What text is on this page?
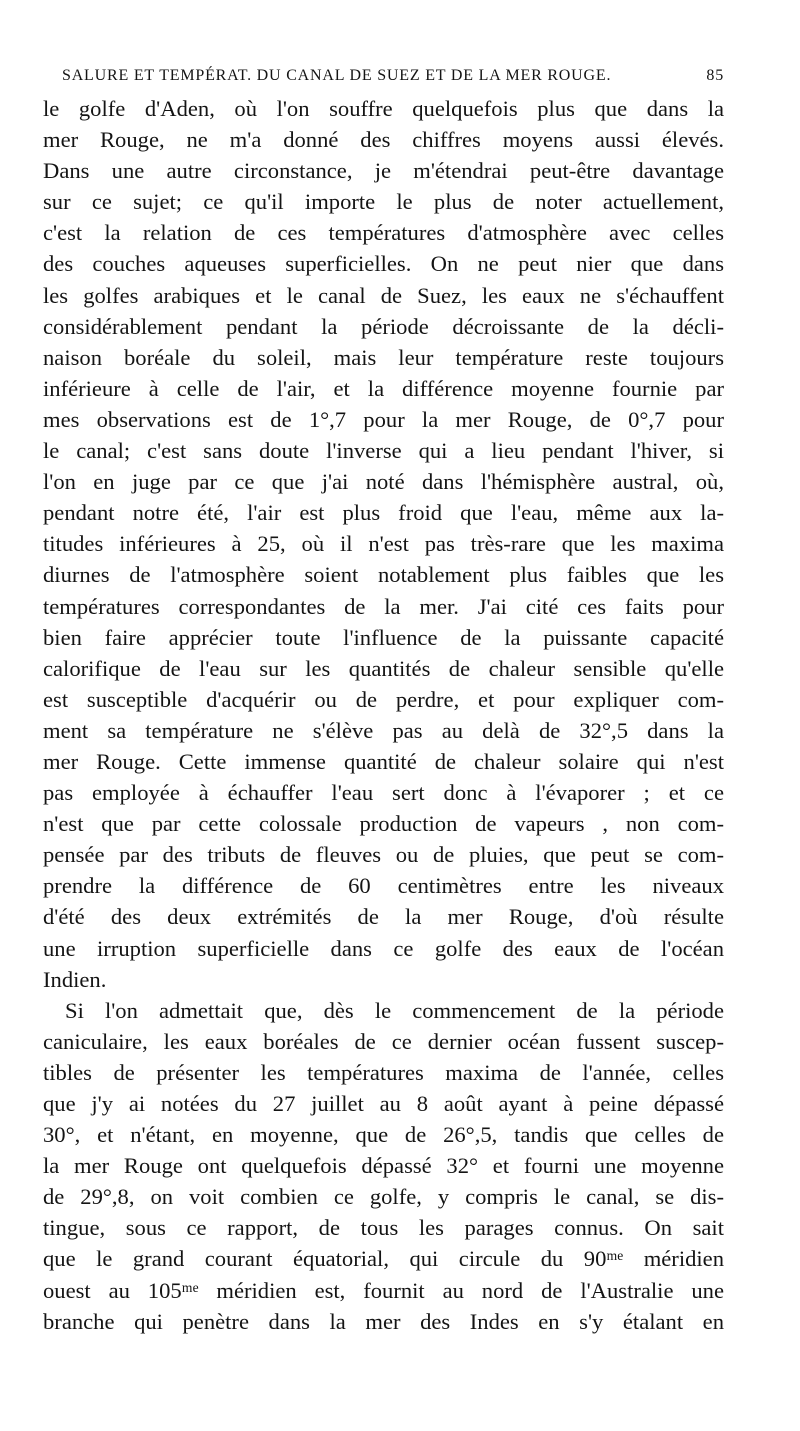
SALURE ET TEMPÉRAT. DU CANAL DE SUEZ ET DE LA MER ROUGE.	85
le golfe d'Aden, où l'on souffre quelquefois plus que dans la
mer Rouge, ne m'a donné des chiffres moyens aussi élevés.
Dans une autre circonstance, je m'étendrai peut-être davantage
sur ce sujet; ce qu'il importe le plus de noter actuellement,
c'est la relation de ces températures d'atmosphère avec celles
des couches aqueuses superficielles. On ne peut nier que dans
les golfes arabiques et le canal de Suez, les eaux ne s'échauffent
considérablement pendant la période décroissante de la décli-
naison boréale du soleil, mais leur température reste toujours
inférieure à celle de l'air, et la différence moyenne fournie par
mes observations est de 1°,7 pour la mer Rouge, de 0°,7 pour
le canal; c'est sans doute l'inverse qui a lieu pendant l'hiver, si
l'on en juge par ce que j'ai noté dans l'hémisphère austral, où,
pendant notre été, l'air est plus froid que l'eau, même aux la-
titudes inférieures à 25, où il n'est pas très-rare que les maxima
diurnes de l'atmosphère soient notablement plus faibles que les
températures correspondantes de la mer. J'ai cité ces faits pour
bien faire apprécier toute l'influence de la puissante capacité
calorifique de l'eau sur les quantités de chaleur sensible qu'elle
est susceptible d'acquérir ou de perdre, et pour expliquer com-
ment sa température ne s'élève pas au delà de 32°,5 dans la
mer Rouge. Cette immense quantité de chaleur solaire qui n'est
pas employée à échauffer l'eau sert donc à l'évaporer ; et ce
n'est que par cette colossale production de vapeurs , non com-
pensée par des tributs de fleuves ou de pluies, que peut se com-
prendre la différence de 60 centimètres entre les niveaux
d'été des deux extrémités de la mer Rouge, d'où résulte
une irruption superficielle dans ce golfe des eaux de l'océan
Indien.
Si l'on admettait que, dès le commencement de la période
caniculaire, les eaux boréales de ce dernier océan fussent suscep-
tibles de présenter les températures maxima de l'année, celles
que j'y ai notées du 27 juillet au 8 août ayant à peine dépassé
30°, et n'étant, en moyenne, que de 26°,5, tandis que celles de
la mer Rouge ont quelquefois dépassé 32° et fourni une moyenne
de 29°,8, on voit combien ce golfe, y compris le canal, se dis-
tingue, sous ce rapport, de tous les parages connus. On sait
que le grand courant équatorial, qui circule du 90ᵐᵉ méridien
ouest au 105ᵐᵉ méridien est, fournit au nord de l'Australie une
branche qui penètre dans la mer des Indes en s'y étalant en
